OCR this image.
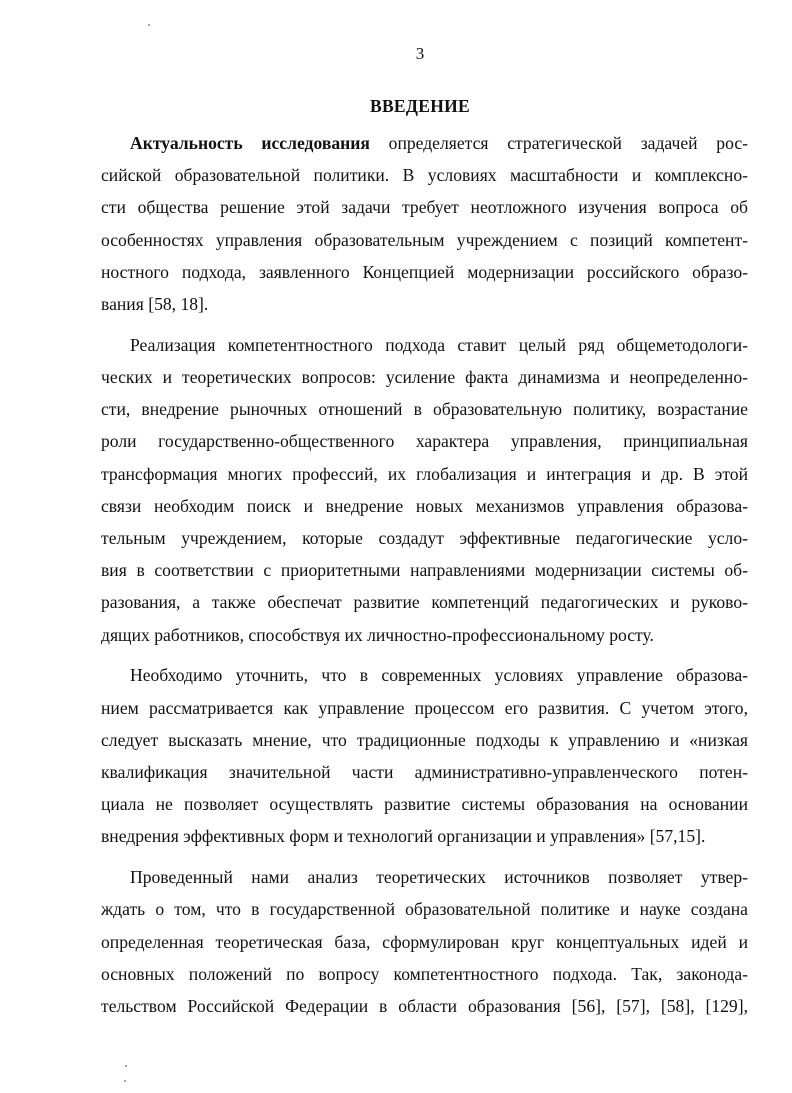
3
ВВЕДЕНИЕ
Актуальность исследования определяется стратегической задачей рос-
сийской образовательной политики. В условиях масштабности и комплексно-
сти общества решение этой задачи требует неотложного изучения вопроса об
особенностях управления образовательным учреждением с позиций компетент-
ностного подхода, заявленного Концепцией модернизации российского образо-
вания [58, 18].
Реализация компетентностного подхода ставит целый ряд общеметодологи-
ческих и теоретических вопросов: усиление факта динамизма и неопределенно-
сти, внедрение рыночных отношений в образовательную политику, возрастание
роли государственно-общественного характера управления, принципиальная
трансформация многих профессий, их глобализация и интеграция и др. В этой
связи необходим поиск и внедрение новых механизмов управления образова-
тельным учреждением, которые создадут эффективные педагогические усло-
вия в соответствии с приоритетными направлениями модернизации системы об-
разования, а также обеспечат развитие компетенций педагогических и руково-
дящих работников, способствуя их личностно-профессиональному росту.
Необходимо уточнить, что в современных условиях управление образова-
нием рассматривается как управление процессом его развития. С учетом этого,
следует высказать мнение, что традиционные подходы к управлению и «низкая
квалификация значительной части административно-управленческого потен-
циала не позволяет осуществлять развитие системы образования на основании
внедрения эффективных форм и технологий организации и управления» [57,15].
Проведенный нами анализ теоретических источников позволяет утвер-
ждать о том, что в государственной образовательной политике и науке создана
определенная теоретическая база, сформулирован круг концептуальных идей и
основных положений по вопросу компетентностного подхода. Так, законода-
тельством Российской Федерации в области образования [56], [57], [58], [129],
